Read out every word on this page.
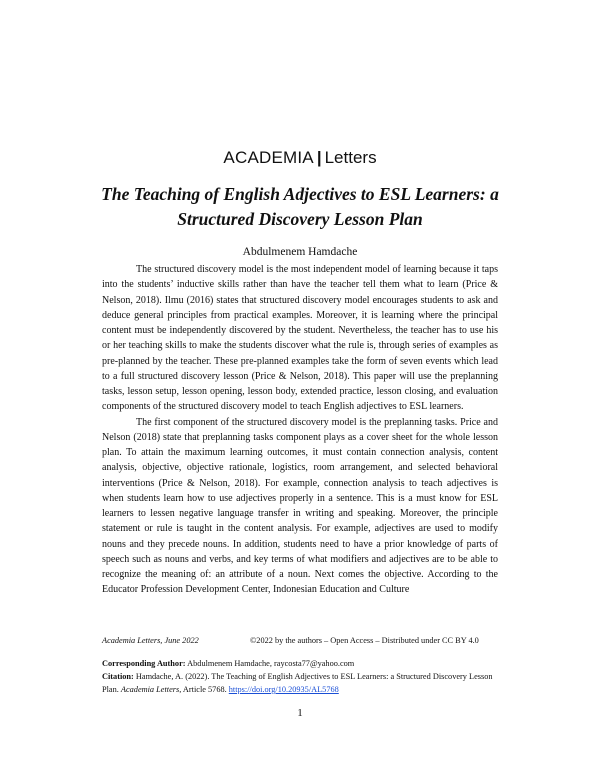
ACADEMIA | Letters
The Teaching of English Adjectives to ESL Learners: a
Structured Discovery Lesson Plan
Abdulmenem Hamdache

The structured discovery model is the most independent model of learning because it taps into the students’ inductive skills rather than have the teacher tell them what to learn (Price & Nelson, 2018). Ilmu (2016) states that structured discovery model encourages students to ask and deduce general principles from practical examples. Moreover, it is learning where the principal content must be independently discovered by the student. Nevertheless, the teacher has to use his or her teaching skills to make the students discover what the rule is, through series of examples as pre-planned by the teacher. These pre-planned examples take the form of seven events which lead to a full structured discovery lesson (Price & Nelson, 2018). This paper will use the preplanning tasks, lesson setup, lesson opening, lesson body, extended practice, lesson closing, and evaluation components of the structured discovery model to teach English adjectives to ESL learners.

The first component of the structured discovery model is the preplanning tasks. Price and Nelson (2018) state that preplanning tasks component plays as a cover sheet for the whole lesson plan. To attain the maximum learning outcomes, it must contain connection analysis, content analysis, objective, objective rationale, logistics, room arrangement, and selected behavioral interventions (Price & Nelson, 2018). For example, connection analysis to teach adjectives is when students learn how to use adjectives properly in a sentence. This is a must know for ESL learners to lessen negative language transfer in writing and speaking. Moreover, the principle statement or rule is taught in the content analysis. For example, adjectives are used to modify nouns and they precede nouns. In addition, students need to have a prior knowledge of parts of speech such as nouns and verbs, and key terms of what modifiers and adjectives are to be able to recognize the meaning of: an attribute of a noun. Next comes the objective. According to the Educator Profession Development Center, Indonesian Education and Culture

Academia Letters, June 2022	©2022 by the authors – Open Access – Distributed under CC BY 4.0
Corresponding Author: Abdulmenem Hamdache, raycosta77@yahoo.com
Citation: Hamdache, A. (2022). The Teaching of English Adjectives to ESL Learners: a Structured Discovery Lesson Plan. Academia Letters, Article 5768. https://doi.org/10.20935/AL5768
1
